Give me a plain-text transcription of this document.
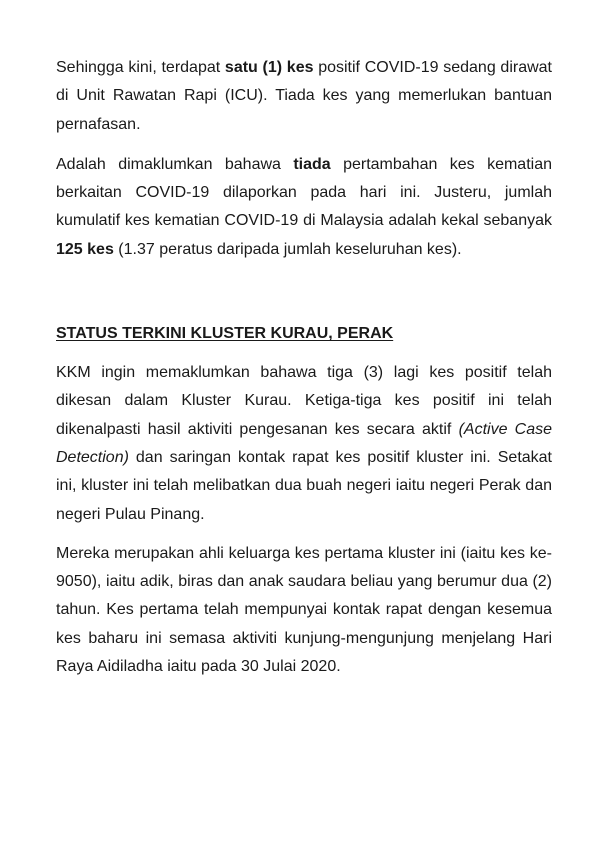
Sehingga kini, terdapat satu (1) kes positif COVID-19 sedang dirawat di Unit Rawatan Rapi (ICU). Tiada kes yang memerlukan bantuan pernafasan.

Adalah dimaklumkan bahawa tiada pertambahan kes kematian berkaitan COVID-19 dilaporkan pada hari ini. Justeru, jumlah kumulatif kes kematian COVID-19 di Malaysia adalah kekal sebanyak 125 kes (1.37 peratus daripada jumlah keseluruhan kes).

STATUS TERKINI KLUSTER KURAU, PERAK

KKM ingin memaklumkan bahawa tiga (3) lagi kes positif telah dikesan dalam Kluster Kurau. Ketiga-tiga kes positif ini telah dikenalpasti hasil aktiviti pengesanan kes secara aktif (Active Case Detection) dan saringan kontak rapat kes positif kluster ini. Setakat ini, kluster ini telah melibatkan dua buah negeri iaitu negeri Perak dan negeri Pulau Pinang.

Mereka merupakan ahli keluarga kes pertama kluster ini (iaitu kes ke-9050), iaitu adik, biras dan anak saudara beliau yang berumur dua (2) tahun. Kes pertama telah mempunyai kontak rapat dengan kesemua kes baharu ini semasa aktiviti kunjung-mengunjung menjelang Hari Raya Aidiladha iaitu pada 30 Julai 2020.
